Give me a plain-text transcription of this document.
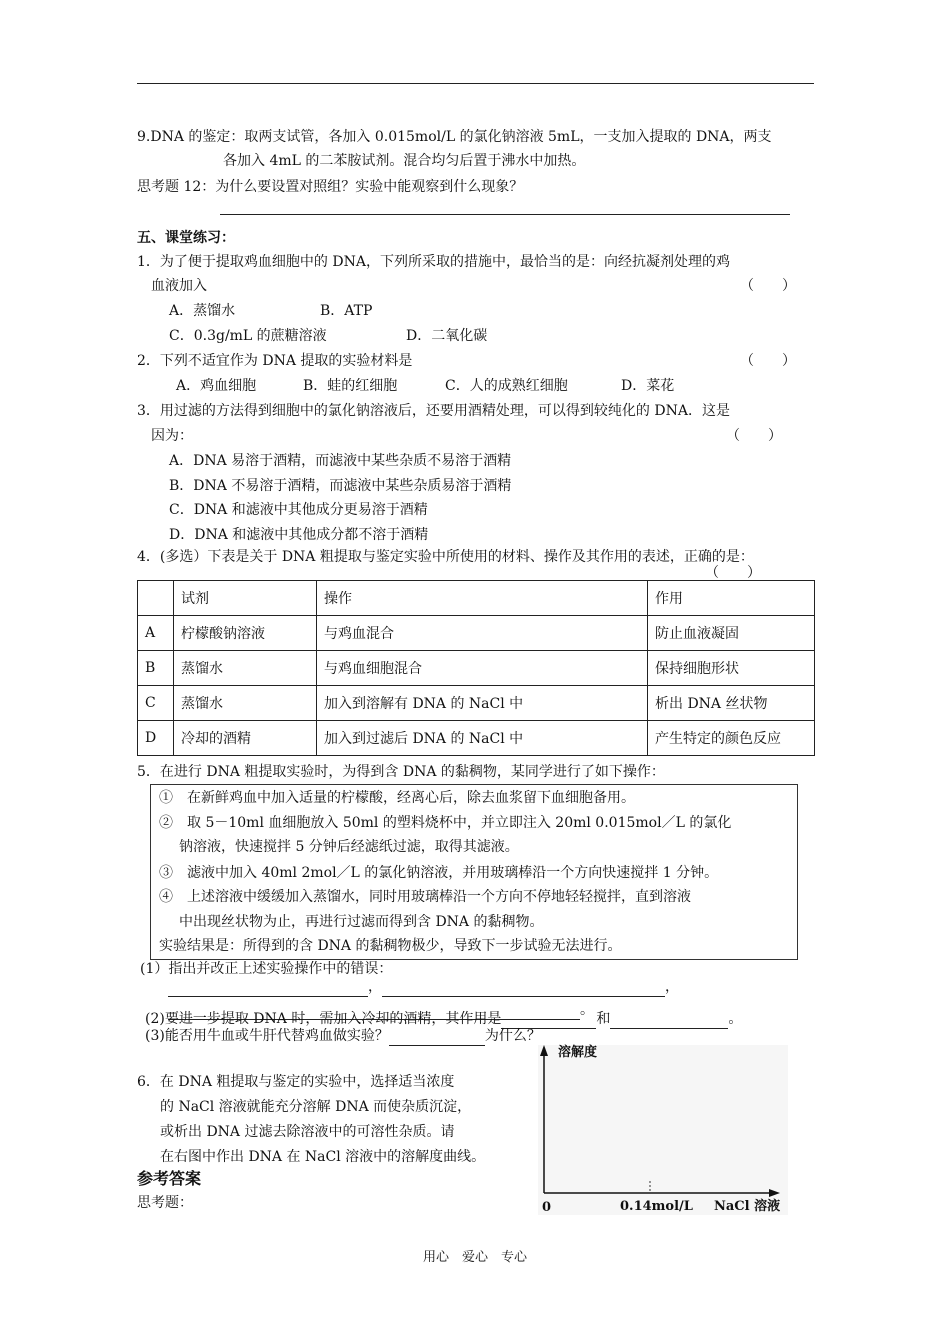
9.DNA 的鉴定：取两支试管，各加入 0.015mol/L 的氯化钠溶液 5mL，一支加入提取的 DNA，两支
各加入 4mL 的二苯胺试剂。混合均匀后置于沸水中加热。
思考题 12：为什么要设置对照组？实验中能观察到什么现象？
五、课堂练习：
1．为了便于提取鸡血细胞中的 DNA，下列所采取的措施中，最恰当的是：向经抗凝剂处理的鸡
血液加入	（　　）
A．蒸馏水	B．ATP
C．0.3g/mL 的蔗糖溶液	D．二氧化碳
2．下列不适宜作为 DNA 提取的实验材料是	（　　）
A．鸡血细胞	B．蛙的红细胞	C．人的成熟红细胞	D．菜花
3．用过滤的方法得到细胞中的氯化钠溶液后，还要用酒精处理，可以得到较纯化的 DNA．这是
因为：	（　　）
A．DNA 易溶于酒精，而滤液中某些杂质不易溶于酒精
B．DNA 不易溶于酒精，而滤液中某些杂质易溶于酒精
C．DNA 和滤液中其他成分更易溶于酒精
D．DNA 和滤液中其他成分都不溶于酒精
4．(多选）下表是关于 DNA 粗提取与鉴定实验中所使用的材料、操作及其作用的表述，正确的是：
（　　）
	试剂	操作	作用
A	柠檬酸钠溶液	与鸡血混合	防止血液凝固
B	蒸馏水	与鸡血细胞混合	保持细胞形状
C	蒸馏水	加入到溶解有 DNA 的 NaCl 中	析出 DNA 丝状物
D	冷却的酒精	加入到过滤后 DNA 的 NaCl 中	产生特定的颜色反应
5．在进行 DNA 粗提取实验时，为得到含 DNA 的黏稠物，某同学进行了如下操作：
①　在新鲜鸡血中加入适量的柠檬酸，经离心后，除去血浆留下血细胞备用。
②　取 5－10ml 血细胞放入 50ml 的塑料烧杯中，并立即注入 20ml 0.015mol／L 的氯化
钠溶液，快速搅拌 5 分钟后经滤纸过滤，取得其滤液。
③　滤液中加入 40ml 2mol／L 的氯化钠溶液，并用玻璃棒沿一个方向快速搅拌 1 分钟。
④　上述溶液中缓缓加入蒸馏水，同时用玻璃棒沿一个方向不停地轻轻搅拌，直到溶液
中出现丝状物为止，再进行过滤而得到含 DNA 的黏稠物。
实验结果是：所得到的含 DNA 的黏稠物极少，导致下一步试验无法进行。
(1）指出并改正上述实验操作中的错误：
，	，
。
(2)要进一步提取 DNA 时，需加入冷却的酒精，其作用是	和	。
(3)能否用牛血或牛肝代替鸡血做实验？	为什么？
6．在 DNA 粗提取与鉴定的实验中，选择适当浓度
的 NaCl 溶液就能充分溶解 DNA 而使杂质沉淀，
或析出 DNA 过滤去除溶液中的可溶性杂质。请
在右图中作出 DNA 在 NaCl 溶液中的溶解度曲线。
溶解度
0	0.14mol/L NaCl 溶液
参考答案
思考题：
用心　爱心　专心
